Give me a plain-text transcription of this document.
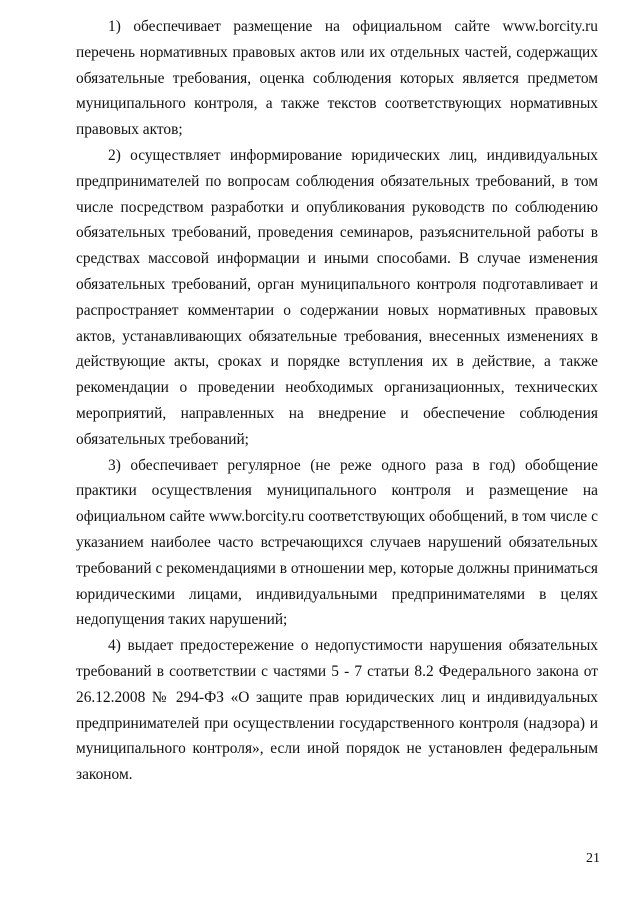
1) обеспечивает размещение на официальном сайте www.borcity.ru перечень нормативных правовых актов или их отдельных частей, содержащих обязательные требования, оценка соблюдения которых является предметом муниципального контроля, а также текстов соответствующих нормативных правовых актов;

2) осуществляет информирование юридических лиц, индивидуальных предпринимателей по вопросам соблюдения обязательных требований, в том числе посредством разработки и опубликования руководств по соблюдению обязательных требований, проведения семинаров, разъяснительной работы в средствах массовой информации и иными способами. В случае изменения обязательных требований, орган муниципального контроля подготавливает и распространяет комментарии о содержании новых нормативных правовых актов, устанавливающих обязательные требования, внесенных изменениях в действующие акты, сроках и порядке вступления их в действие, а также рекомендации о проведении необходимых организационных, технических мероприятий, направленных на внедрение и обеспечение соблюдения обязательных требований;

3) обеспечивает регулярное (не реже одного раза в год) обобщение практики осуществления муниципального контроля и размещение на официальном сайте www.borcity.ru соответствующих обобщений, в том числе с указанием наиболее часто встречающихся случаев нарушений обязательных требований с рекомендациями в отношении мер, которые должны приниматься юридическими лицами, индивидуальными предпринимателями в целях недопущения таких нарушений;

4) выдает предостережение о недопустимости нарушения обязательных требований в соответствии с частями 5 - 7 статьи 8.2 Федерального закона от 26.12.2008 № 294-ФЗ «О защите прав юридических лиц и индивидуальных предпринимателей при осуществлении государственного контроля (надзора) и муниципального контроля», если иной порядок не установлен федеральным законом.

21
